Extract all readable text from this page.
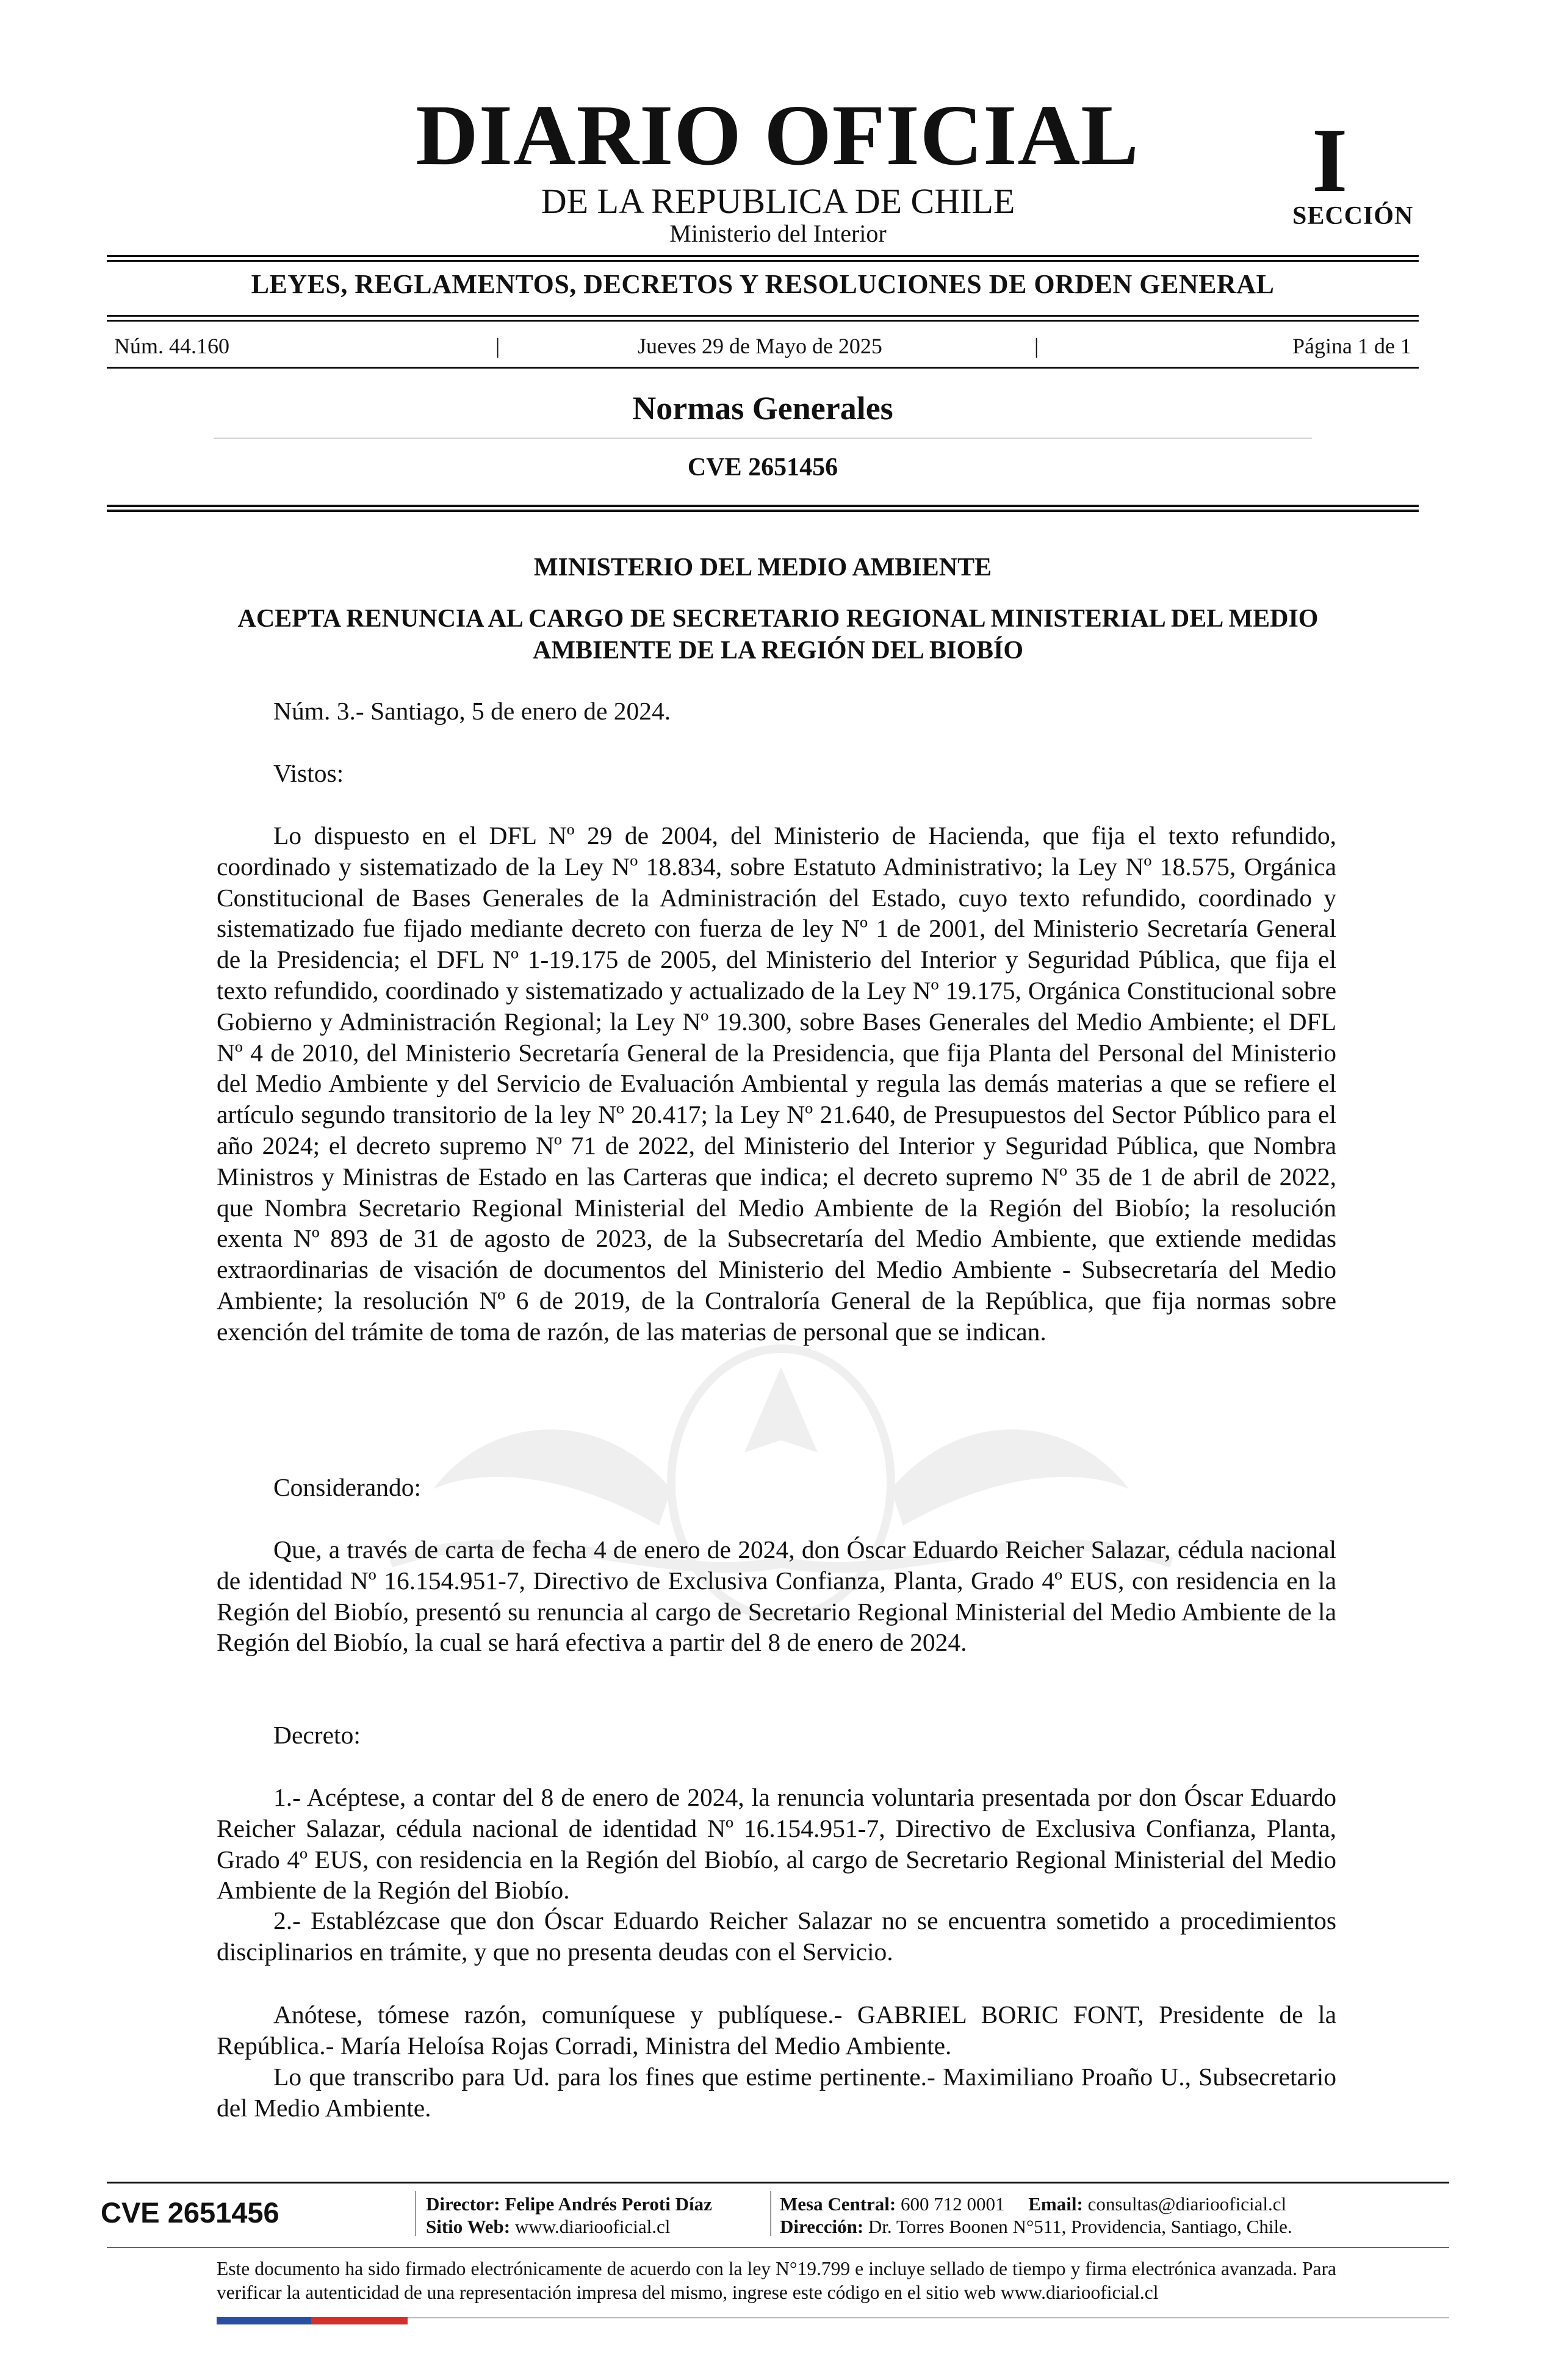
DIARIO OFICIAL
DE LA REPUBLICA DE CHILE
Ministerio del Interior
I
SECCIÓN
LEYES, REGLAMENTOS, DECRETOS Y RESOLUCIONES DE ORDEN GENERAL
Núm. 44.160	|	Jueves 29 de Mayo de 2025	|	Página 1 de 1
Normas Generales
CVE 2651456
MINISTERIO DEL MEDIO AMBIENTE
ACEPTA RENUNCIA AL CARGO DE SECRETARIO REGIONAL MINISTERIAL DEL MEDIO AMBIENTE DE LA REGIÓN DEL BIOBÍO
Núm. 3.- Santiago, 5 de enero de 2024.
Vistos:
Lo dispuesto en el DFL Nº 29 de 2004, del Ministerio de Hacienda, que fija el texto refundido, coordinado y sistematizado de la Ley Nº 18.834, sobre Estatuto Administrativo; la Ley Nº 18.575, Orgánica Constitucional de Bases Generales de la Administración del Estado, cuyo texto refundido, coordinado y sistematizado fue fijado mediante decreto con fuerza de ley Nº 1 de 2001, del Ministerio Secretaría General de la Presidencia; el DFL Nº 1-19.175 de 2005, del Ministerio del Interior y Seguridad Pública, que fija el texto refundido, coordinado y sistematizado y actualizado de la Ley Nº 19.175, Orgánica Constitucional sobre Gobierno y Administración Regional; la Ley Nº 19.300, sobre Bases Generales del Medio Ambiente; el DFL Nº 4 de 2010, del Ministerio Secretaría General de la Presidencia, que fija Planta del Personal del Ministerio del Medio Ambiente y del Servicio de Evaluación Ambiental y regula las demás materias a que se refiere el artículo segundo transitorio de la ley Nº 20.417; la Ley Nº 21.640, de Presupuestos del Sector Público para el año 2024; el decreto supremo Nº 71 de 2022, del Ministerio del Interior y Seguridad Pública, que Nombra Ministros y Ministras de Estado en las Carteras que indica; el decreto supremo Nº 35 de 1 de abril de 2022, que Nombra Secretario Regional Ministerial del Medio Ambiente de la Región del Biobío; la resolución exenta Nº 893 de 31 de agosto de 2023, de la Subsecretaría del Medio Ambiente, que extiende medidas extraordinarias de visación de documentos del Ministerio del Medio Ambiente - Subsecretaría del Medio Ambiente; la resolución Nº 6 de 2019, de la Contraloría General de la República, que fija normas sobre exención del trámite de toma de razón, de las materias de personal que se indican.
Considerando:
Que, a través de carta de fecha 4 de enero de 2024, don Óscar Eduardo Reicher Salazar, cédula nacional de identidad Nº 16.154.951-7, Directivo de Exclusiva Confianza, Planta, Grado 4º EUS, con residencia en la Región del Biobío, presentó su renuncia al cargo de Secretario Regional Ministerial del Medio Ambiente de la Región del Biobío, la cual se hará efectiva a partir del 8 de enero de 2024.
Decreto:
1.- Acéptese, a contar del 8 de enero de 2024, la renuncia voluntaria presentada por don Óscar Eduardo Reicher Salazar, cédula nacional de identidad Nº 16.154.951-7, Directivo de Exclusiva Confianza, Planta, Grado 4º EUS, con residencia en la Región del Biobío, al cargo de Secretario Regional Ministerial del Medio Ambiente de la Región del Biobío.
2.- Establézcase que don Óscar Eduardo Reicher Salazar no se encuentra sometido a procedimientos disciplinarios en trámite, y que no presenta deudas con el Servicio.
Anótese, tómese razón, comuníquese y publíquese.- GABRIEL BORIC FONT, Presidente de la República.- María Heloísa Rojas Corradi, Ministra del Medio Ambiente.
Lo que transcribo para Ud. para los fines que estime pertinente.- Maximiliano Proaño U., Subsecretario del Medio Ambiente.
CVE 2651456	Director: Felipe Andrés Peroti Díaz
Sitio Web: www.diariooficial.cl
Mesa Central: 600 712 0001 Email: consultas@diariooficial.cl
Dirección: Dr. Torres Boonen N°511, Providencia, Santiago, Chile.
Este documento ha sido firmado electrónicamente de acuerdo con la ley N°19.799 e incluye sellado de tiempo y firma electrónica avanzada. Para verificar la autenticidad de una representación impresa del mismo, ingrese este código en el sitio web www.diariooficial.cl
